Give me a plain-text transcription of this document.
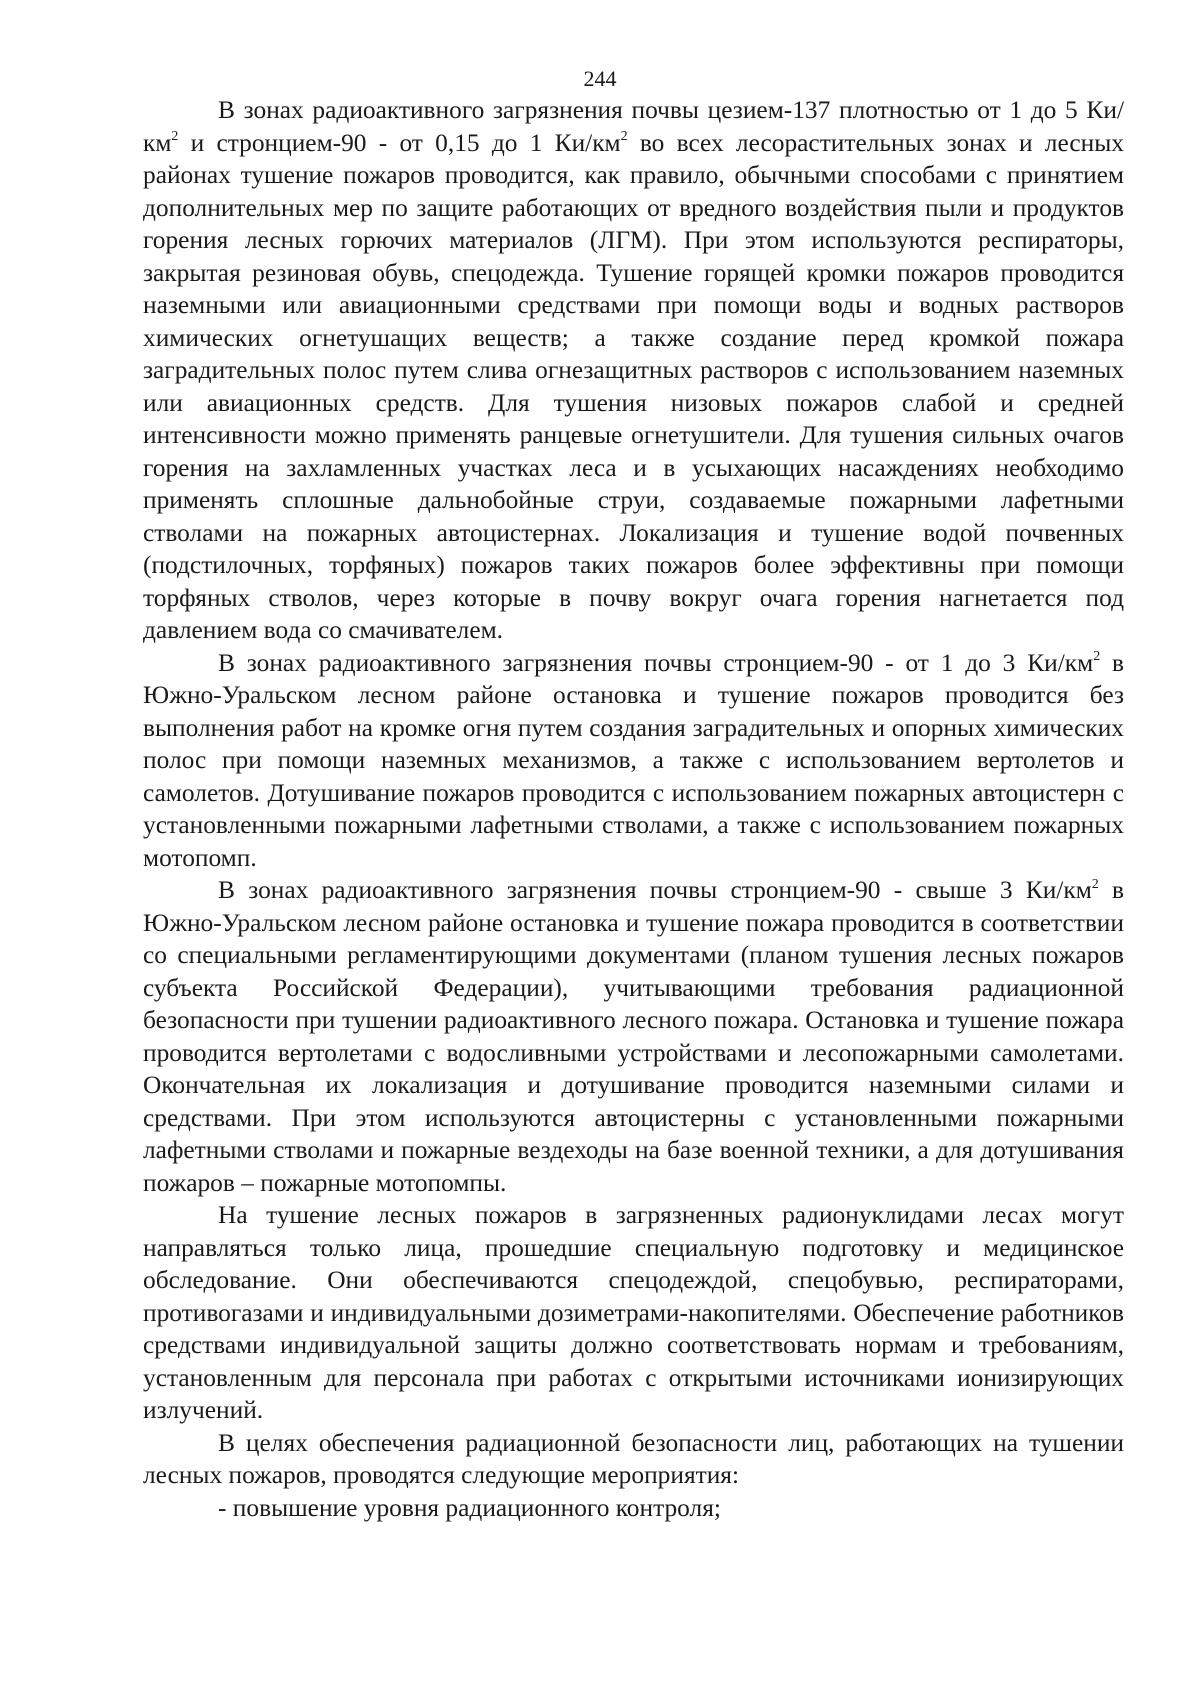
244

В зонах радиоактивного загрязнения почвы цезием-137 плотностью от 1 до 5 $Ки/км^2$ и стронцием-90 - от 0,15 до 1 $Ки/км^2$ во всех лесорастительных зонах и лесных районах тушение пожаров проводится, как правило, обычными способами с принятием дополнительных мер по защите работающих от вредного воздействия пыли и продуктов горения лесных горючих материалов (ЛГМ). При этом используются респираторы, закрытая резиновая обувь, спецодежда. Тушение горящей кромки пожаров проводится наземными или авиационными средствами при помощи воды и водных растворов химических огнетушащих веществ; а также создание перед кромкой пожара заградительных полос путем слива огнезащитных растворов с использованием наземных или авиационных средств. Для тушения низовых пожаров слабой и средней интенсивности можно применять ранцевые огнетушители. Для тушения сильных очагов горения на захламленных участках леса и в усыхающих насаждениях необходимо применять сплошные дальнобойные струи, создаваемые пожарными лафетными стволами на пожарных автоцистернах. Локализация и тушение водой почвенных (подстилочных, торфяных) пожаров таких пожаров более эффективны при помощи торфяных стволов, через которые в почву вокруг очага горения нагнетается под давлением вода со смачивателем.

В зонах радиоактивного загрязнения почвы стронцием-90 - от 1 до 3 $Ки/км^2$ в Южно-Уральском лесном районе остановка и тушение пожаров проводится без выполнения работ на кромке огня путем создания заградительных и опорных химических полос при помощи наземных механизмов, а также с использованием вертолетов и самолетов. Дотушивание пожаров проводится с использованием пожарных автоцистерн с установленными пожарными лафетными стволами, а также с использованием пожарных мотопомп.

В зонах радиоактивного загрязнения почвы стронцием-90 - свыше 3 $Ки/км^2$ в Южно-Уральском лесном районе остановка и тушение пожара проводится в соответствии со специальными регламентирующими документами (планом тушения лесных пожаров субъекта Российской Федерации), учитывающими требования радиационной безопасности при тушении радиоактивного лесного пожара. Остановка и тушение пожара проводится вертолетами с водосливными устройствами и лесопожарными самолетами. Окончательная их локализация и дотушивание проводится наземными силами и средствами. При этом используются автоцистерны с установленными пожарными лафетными стволами и пожарные вездеходы на базе военной техники, а для дотушивания пожаров – пожарные мотопомпы.

На тушение лесных пожаров в загрязненных радионуклидами лесах могут направляться только лица, прошедшие специальную подготовку и медицинское обследование. Они обеспечиваются спецодеждой, спецобувью, респираторами, противогазами и индивидуальными дозиметрами-накопителями. Обеспечение работников средствами индивидуальной защиты должно соответствовать нормам и требованиям, установленным для персонала при работах с открытыми источниками ионизирующих излучений.

В целях обеспечения радиационной безопасности лиц, работающих на тушении лесных пожаров, проводятся следующие мероприятия:

- повышение уровня радиационного контроля;
